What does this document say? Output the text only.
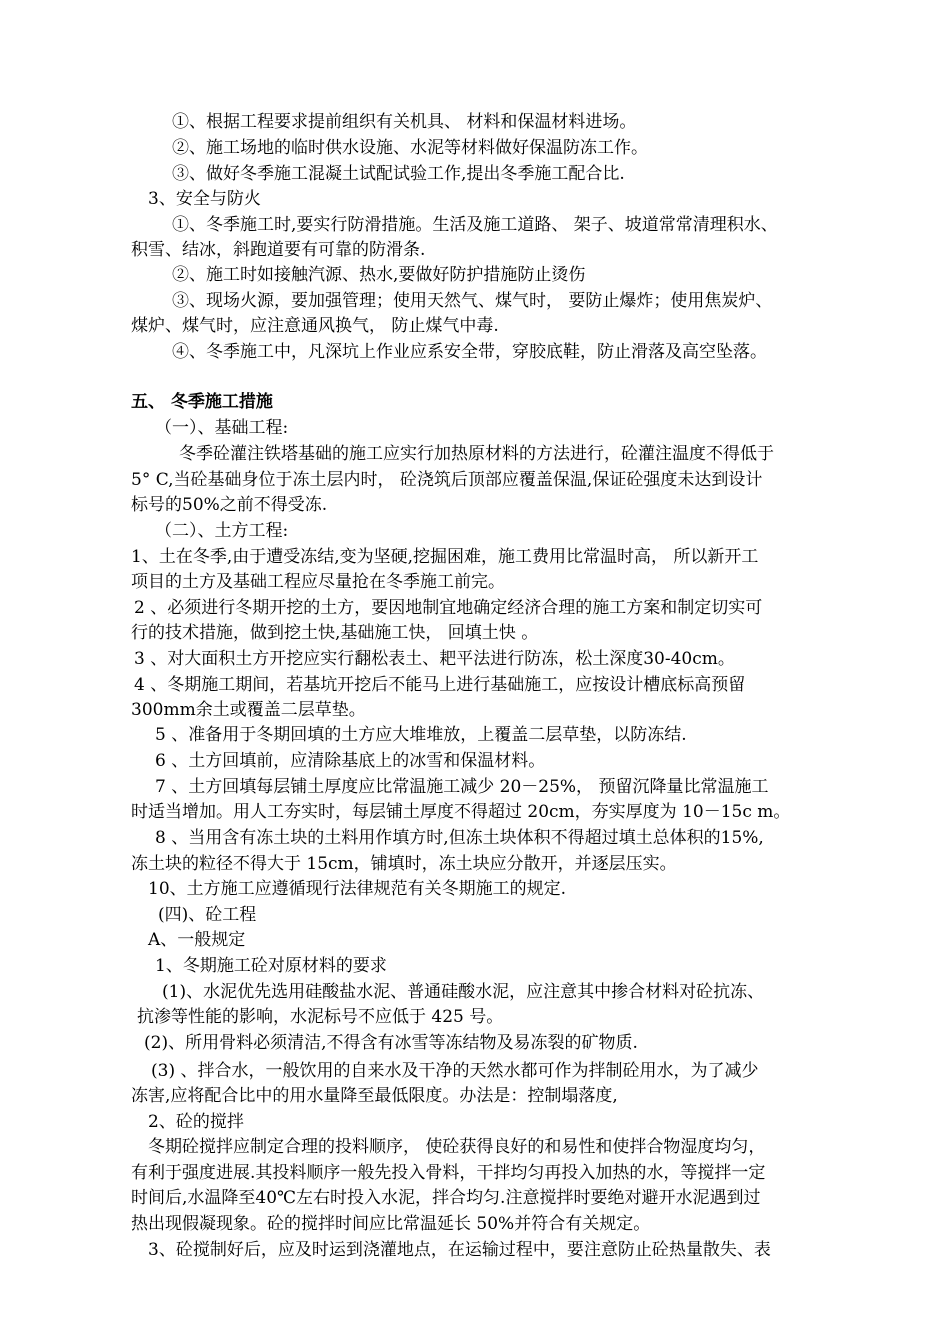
①、根据工程要求提前组织有关机具、 材料和保温材料进场。

②、施工场地的临时供水设施、水泥等材料做好保温防冻工作。

③、做好冬季施工混凝土试配试验工作,提出冬季施工配合比.

3、安全与防火

①、冬季施工时,要实行防滑措施。生活及施工道路、 架子、坡道常常清理积水、

积雪、结冰，斜跑道要有可靠的防滑条.

②、施工时如接触汽源、热水,要做好防护措施防止烫伤

③、现场火源，要加强管理；使用天然气、煤气时， 要防止爆炸；使用焦炭炉、

煤炉、煤气时，应注意通风换气， 防止煤气中毒.

④、冬季施工中，凡深坑上作业应系安全带，穿胶底鞋，防止滑落及高空坠落。

五、 冬季施工措施

（一）、基础工程:

冬季砼灌注铁塔基础的施工应实行加热原材料的方法进行，砼灌注温度不得低于

5° C,当砼基础身位于冻土层内时， 砼浇筑后顶部应覆盖保温,保证砼强度未达到设计

标号的50%之前不得受冻.

（二）、土方工程:

1、土在冬季,由于遭受冻结,变为坚硬,挖掘困难，施工费用比常温时高， 所以新开工

项目的土方及基础工程应尽量抢在冬季施工前完。

2 、必须进行冬期开挖的土方，要因地制宜地确定经济合理的施工方案和制定切实可

行的技术措施，做到挖土快,基础施工快， 回填土快 。

3 、对大面积土方开挖应实行翻松表土、耙平法进行防冻，松土深度30-40cm。

4 、冬期施工期间，若基坑开挖后不能马上进行基础施工，应按设计槽底标高预留

300mm余土或覆盖二层草垫。

5 、准备用于冬期回填的土方应大堆堆放，上覆盖二层草垫，以防冻结.

6 、土方回填前，应清除基底上的冰雪和保温材料。

7 、土方回填每层铺土厚度应比常温施工减少 20－25%， 预留沉降量比常温施工

时适当增加。用人工夯实时，每层铺土厚度不得超过 20cm，夯实厚度为 10－15c m。

8 、当用含有冻土块的土料用作填方时,但冻土块体积不得超过填土总体积的15%,

冻土块的粒径不得大于 15cm，铺填时，冻土块应分散开，并逐层压实。

10、土方施工应遵循现行法律规范有关冬期施工的规定.

(四)、砼工程

A、一般规定

1、冬期施工砼对原材料的要求

(1)、水泥优先选用硅酸盐水泥、普通硅酸水泥，应注意其中掺合材料对砼抗冻、

抗渗等性能的影响，水泥标号不应低于 425 号。

(2)、所用骨料必须清洁,不得含有冰雪等冻结物及易冻裂的矿物质.

(3) 、拌合水，一般饮用的自来水及干净的天然水都可作为拌制砼用水，为了减少

冻害,应将配合比中的用水量降至最低限度。办法是：控制塌落度,

2、砼的搅拌

冬期砼搅拌应制定合理的投料顺序， 使砼获得良好的和易性和使拌合物湿度均匀，

有利于强度进展.其投料顺序一般先投入骨料，干拌均匀再投入加热的水，等搅拌一定

时间后,水温降至40℃左右时投入水泥，拌合均匀.注意搅拌时要绝对避开水泥遇到过

热出现假凝现象。砼的搅拌时间应比常温延长 50%并符合有关规定。

3、砼搅制好后，应及时运到浇灌地点，在运输过程中，要注意防止砼热量散失、表
